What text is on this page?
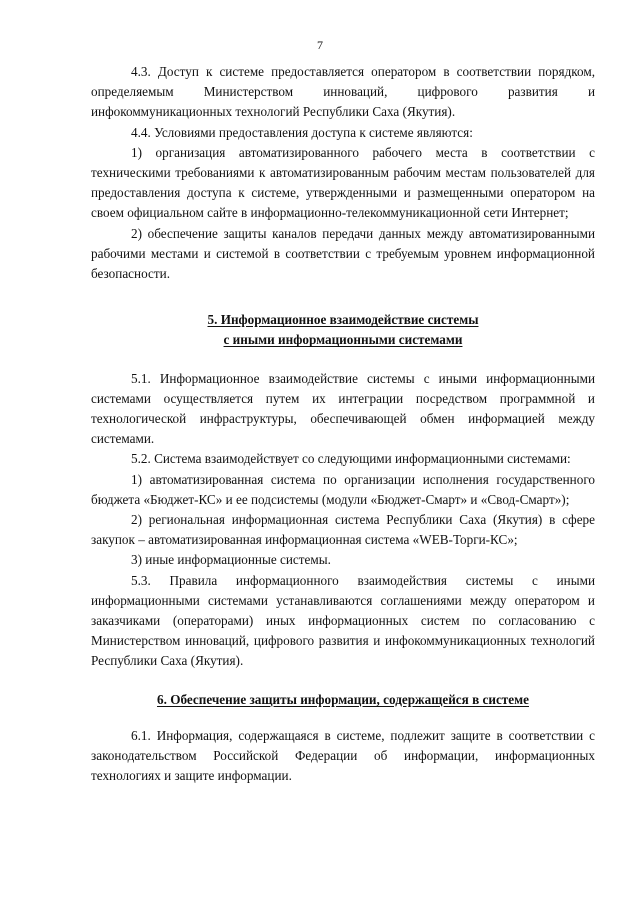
7

4.3. Доступ к системе предоставляется оператором в соответствии порядком, определяемым Министерством инноваций, цифрового развития и инфокоммуникационных технологий Республики Саха (Якутия).

4.4. Условиями предоставления доступа к системе являются:

1) организация автоматизированного рабочего места в соответствии с техническими требованиями к автоматизированным рабочим местам пользователей для предоставления доступа к системе, утвержденными и размещенными оператором на своем официальном сайте в информационно-телекоммуникационной сети Интернет;

2) обеспечение защиты каналов передачи данных между автоматизированными рабочими местами и системой в соответствии с требуемым уровнем информационной безопасности.

5. Информационное взаимодействие системы
с иными информационными системами

5.1. Информационное взаимодействие системы с иными информационными системами осуществляется путем их интеграции посредством программной и технологической инфраструктуры, обеспечивающей обмен информацией между системами.

5.2. Система взаимодействует со следующими информационными системами:

1) автоматизированная система по организации исполнения государственного бюджета «Бюджет-КС» и ее подсистемы (модули «Бюджет-Смарт» и «Свод-Смарт»);

2) региональная информационная система Республики Саха (Якутия) в сфере закупок – автоматизированная информационная система «WEB-Торги-КС»;

3) иные информационные системы.

5.3. Правила информационного взаимодействия системы с иными информационными системами устанавливаются соглашениями между оператором и заказчиками (операторами) иных информационных систем по согласованию с Министерством инноваций, цифрового развития и инфокоммуникационных технологий Республики Саха (Якутия).

6. Обеспечение защиты информации, содержащейся в системе

6.1. Информация, содержащаяся в системе, подлежит защите в соответствии с законодательством Российской Федерации об информации, информационных технологиях и защите информации.
